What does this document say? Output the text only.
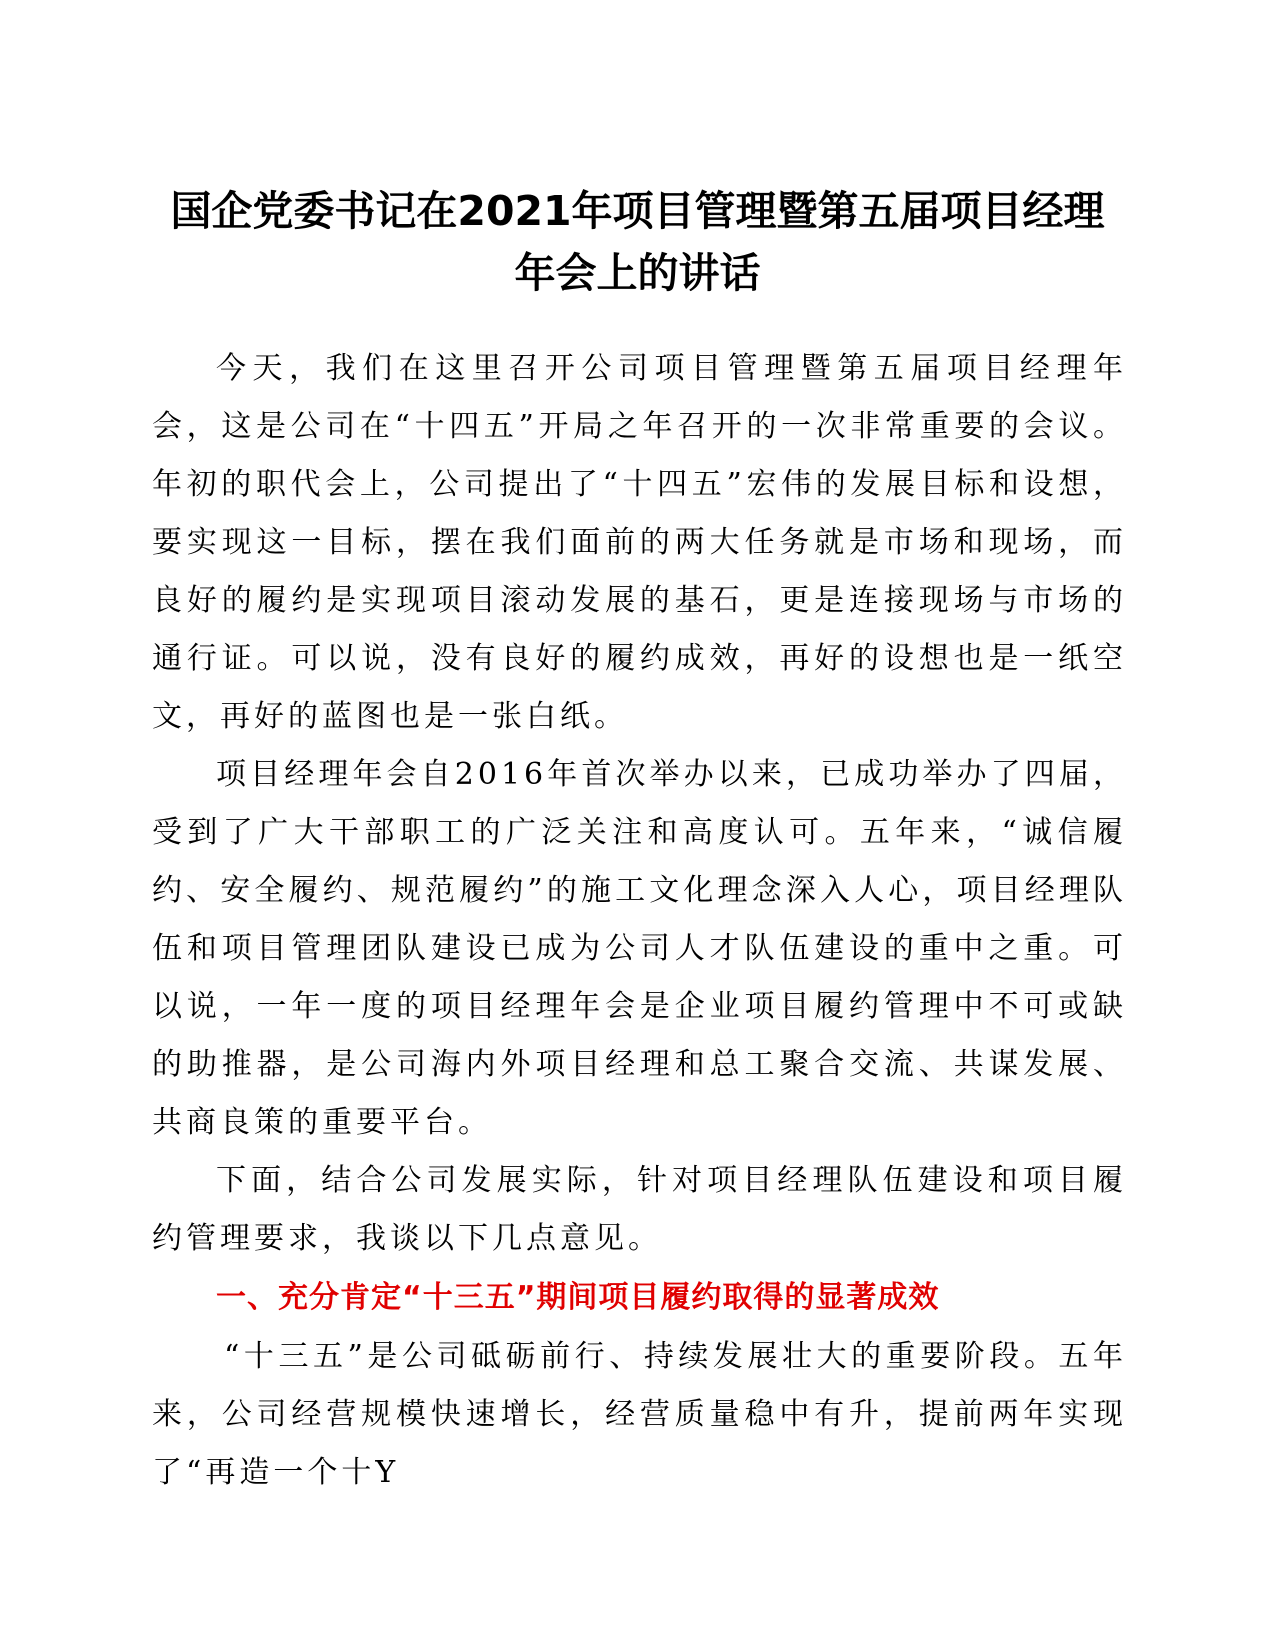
国企党委书记在2021年项目管理暨第五届项目经理年会上的讲话

今天，我们在这里召开公司项目管理暨第五届项目经理年会，这是公司在“十四五”开局之年召开的一次非常重要的会议。年初的职代会上，公司提出了“十四五”宏伟的发展目标和设想，要实现这一目标，摆在我们面前的两大任务就是市场和现场，而良好的履约是实现项目滚动发展的基石，更是连接现场与市场的通行证。可以说，没有良好的履约成效，再好的设想也是一纸空文，再好的蓝图也是一张白纸。

项目经理年会自2016年首次举办以来，已成功举办了四届，受到了广大干部职工的广泛关注和高度认可。五年来，“诚信履约、安全履约、规范履约”的施工文化理念深入人心，项目经理队伍和项目管理团队建设已成为公司人才队伍建设的重中之重。可以说，一年一度的项目经理年会是企业项目履约管理中不可或缺的助推器，是公司海内外项目经理和总工聚合交流、共谋发展、共商良策的重要平台。

下面，结合公司发展实际，针对项目经理队伍建设和项目履约管理要求，我谈以下几点意见。

一、充分肯定“十三五”期间项目履约取得的显著成效

“十三五”是公司砥砺前行、持续发展壮大的重要阶段。五年来，公司经营规模快速增长，经营质量稳中有升，提前两年实现了“再造一个十Y
